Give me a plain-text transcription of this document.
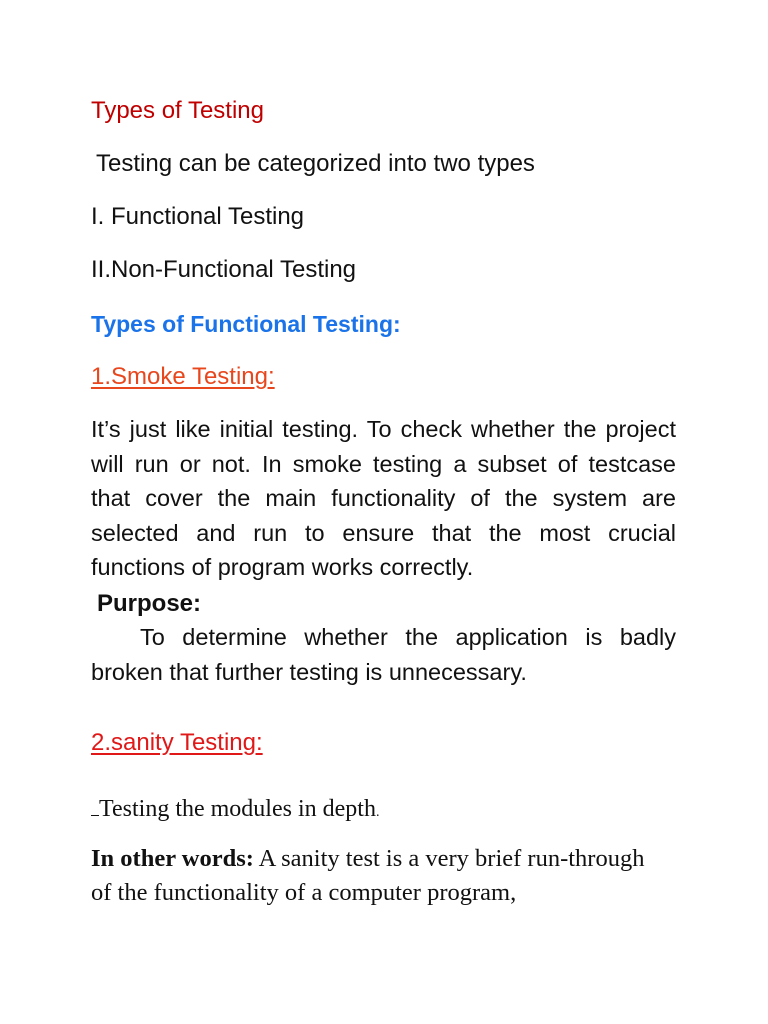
Types of Testing
Testing can be categorized into two types
I. Functional Testing
II.Non-Functional Testing
Types of Functional Testing:
1.Smoke Testing:

It’s just like initial testing. To check whether the project will run or not. In smoke testing a subset of testcase that cover the main functionality of the system are selected and run to ensure that the most crucial functions of program works correctly.

Purpose:

To determine whether the application is badly broken that further testing is unnecessary.

2.sanity Testing:
Testing the modules in depth.

In other words: A sanity test is a very brief run-through of the functionality of a computer program,
